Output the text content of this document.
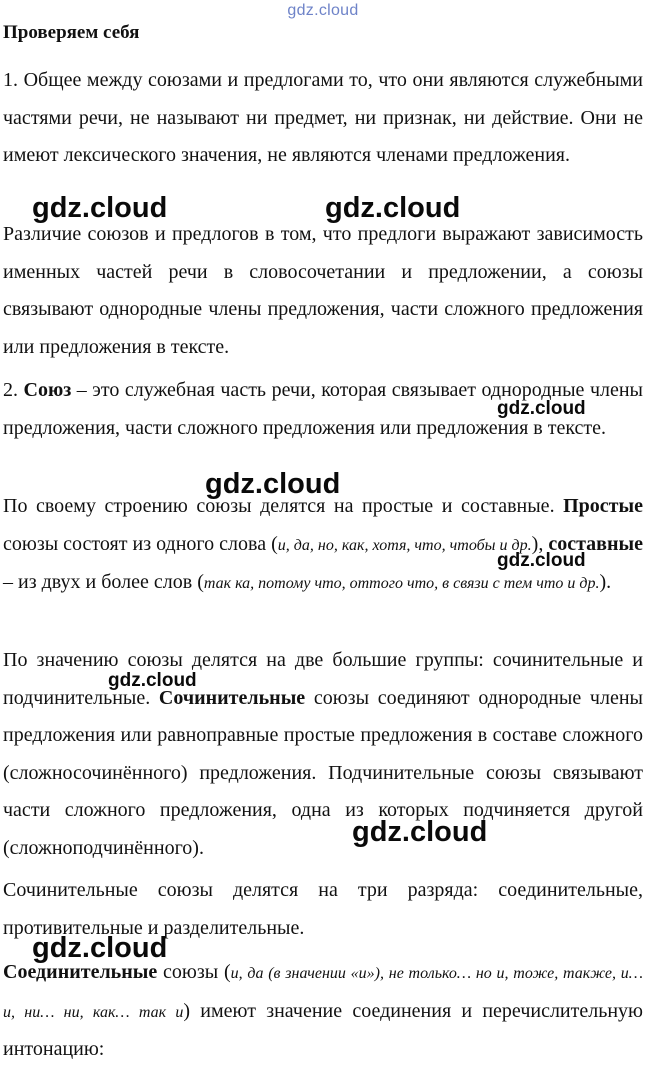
gdz.cloud
Проверяем себя

1. Общее между союзами и предлогами то, что они являются служебными частями речи, не называют ни предмет, ни признак, ни действие. Они не имеют лексического значения, не являются членами предложения.

Различие союзов и предлогов в том, что предлоги выражают зависимость именных частей речи в словосочетании и предложении, а союзы связывают однородные члены предложения, части сложного предложения или предложения в тексте.

2. Союз – это служебная часть речи, которая связывает однородные члены предложения, части сложного предложения или предложения в тексте.

По своему строению союзы делятся на простые и составные. Простые союзы состоят из одного слова (и, да, но, как, хотя, что, чтобы и др.), составные – из двух и более слов (так ка, потому что, оттого что, в связи с тем что и др.).

По значению союзы делятся на две большие группы: сочинительные и подчинительные. Сочинительные союзы соединяют однородные члены предложения или равноправные простые предложения в составе сложного (сложносочинённого) предложения. Подчинительные союзы связывают части сложного предложения, одна из которых подчиняется другой (сложноподчинённого).

Сочинительные союзы делятся на три разряда: соединительные, противительные и разделительные.

Соединительные союзы (и, да (в значении «и»), не только… но и, тоже, также, и… и, ни… ни, как… так и) имеют значение соединения и перечислительную интонацию:

gdz.cloud	gdz.cloud
gdz.cloud
gdz.cloud
gdz.cloud
gdz.cloud
gdz.cloud
gdz.cloud
